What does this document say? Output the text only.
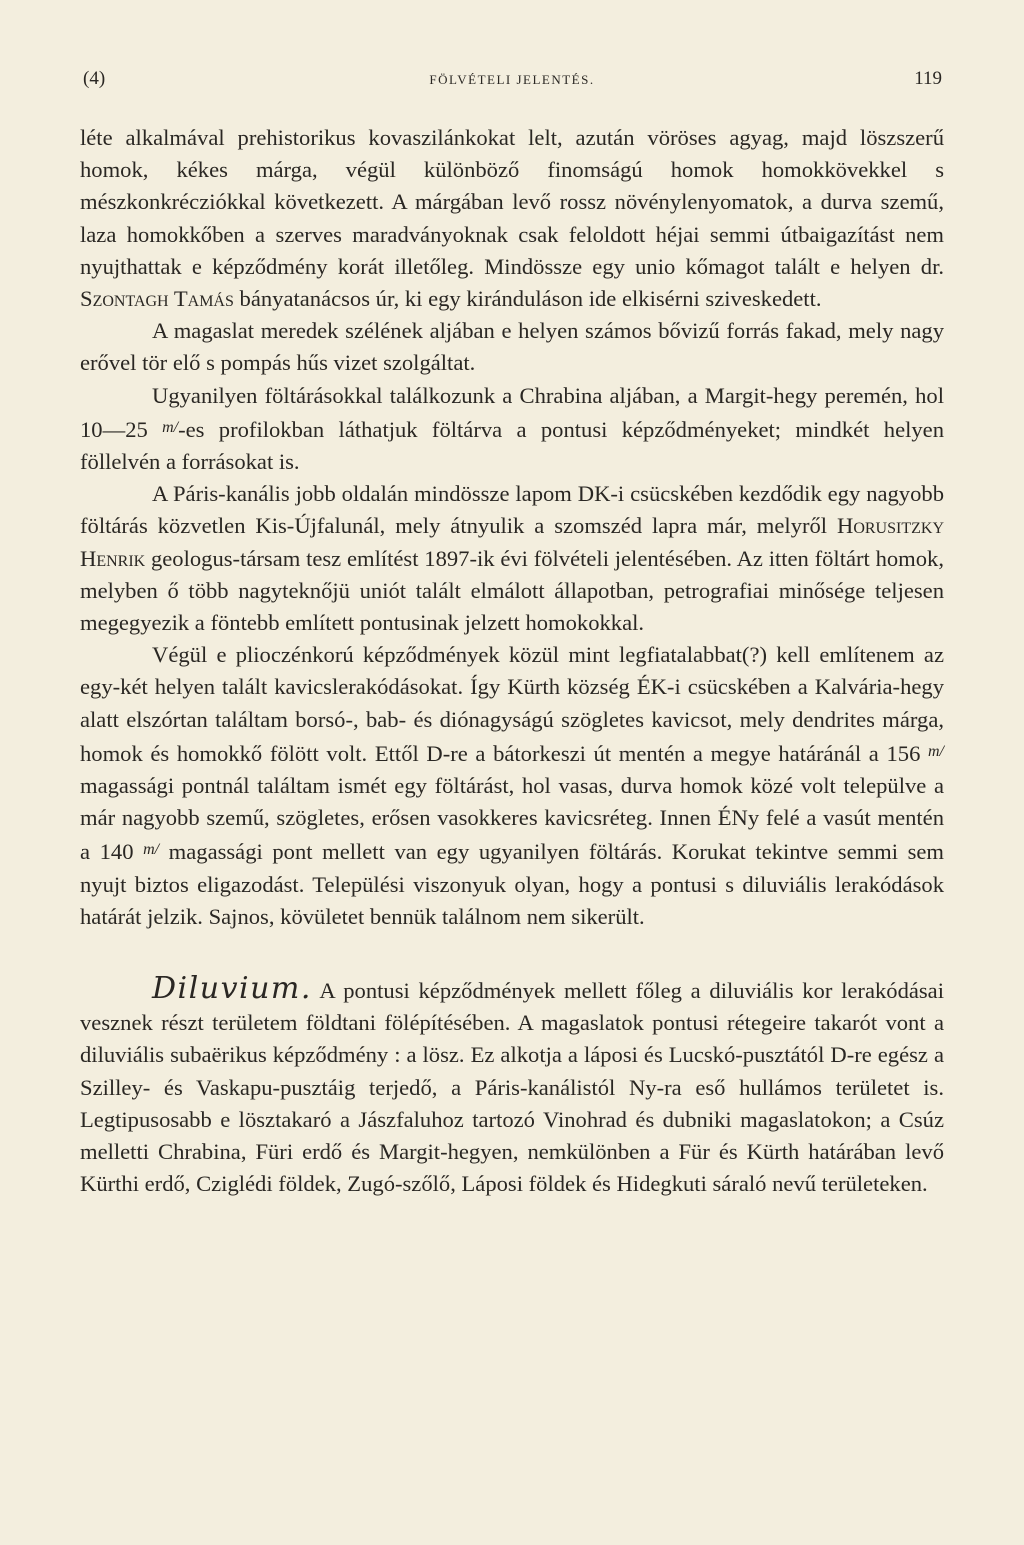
(4)	FÖLVÉTELI JELENTÉS.	119

léte alkalmával prehistorikus kovaszilánkokat lelt, azután vöröses agyag, majd löszszerű homok, kékes márga, végül különböző finomságú homok homokkövekkel s mészkonkrécziókkal következett. A márgában levő rossz növénylenyomatok, a durva szemű, laza homokkőben a szerves maradványoknak csak feloldott héjai semmi útbaigazítást nem nyujthattak e képződmény korát illetőleg. Mindössze egy unio kőmagot talált e helyen dr. Szontagh Tamás bányatanácsos úr, ki egy kiránduláson ide elkisérni sziveskedett.

A magaslat meredek szélének aljában e helyen számos bővizű forrás fakad, mely nagy erővel tör elő s pompás hűs vizet szolgáltat.

Ugyanilyen föltárásokkal találkozunk a Chrabina aljában, a Margit-hegy peremén, hol 10—25 $^{m/}$-es profilokban láthatjuk föltárva a pontusi képződményeket; mindkét helyen föllelvén a forrásokat is.

A Páris-kanális jobb oldalán mindössze lapom DK-i csücskében kezdődik egy nagyobb föltárás közvetlen Kis-Újfalunál, mely átnyulik a szomszéd lapra már, melyről Horusitzky Henrik geologus-társam tesz említést 1897-ik évi fölvételi jelentésében. Az itten föltárt homok, melyben ő több nagyteknőjü uniót talált elmálott állapotban, petrografiai minősége teljesen megegyezik a föntebb említett pontusinak jelzett homokokkal.

Végül e plioczénkorú képződmények közül mint legfiatalabbat(?) kell említenem az egy-két helyen talált kavicslerakódásokat. Így Kürth község ÉK-i csücskében a Kalvária-hegy alatt elszórtan találtam borsó-, bab- és diónagyságú szögletes kavicsot, mely dendrites márga, homok és homokkő fölött volt. Ettől D-re a bátorkeszi út mentén a megye határánál a 156 $^{m/}$ magassági pontnál találtam ismét egy föltárást, hol vasas, durva homok közé volt települve a már nagyobb szemű, szögletes, erősen vasokkeres kavicsréteg. Innen ÉNy felé a vasút mentén a 140 $^{m/}$ magassági pont mellett van egy ugyanilyen föltárás. Korukat tekintve semmi sem nyujt biztos eligazodást. Települési viszonyuk olyan, hogy a pontusi s diluviális lerakódások határát jelzik. Sajnos, kövületet bennük találnom nem sikerült.

Diluvium. A pontusi képződmények mellett főleg a diluviális kor lerakódásai vesznek részt területem földtani fölépítésében. A magaslatok pontusi rétegeire takarót vont a diluviális subaërikus képződmény : a lösz. Ez alkotja a láposi és Lucskó-pusztától D-re egész a Szilley- és Vaskapu-pusztáig terjedő, a Páris-kanálistól Ny-ra eső hullámos területet is. Legtipusosabb e lösztakaró a Jászfaluhoz tartozó Vinohrad és dubniki magaslatokon; a Csúz melletti Chrabina, Füri erdő és Margit-hegyen, nemkülönben a Für és Kürth határában levő Kürthi erdő, Cziglédi földek, Zugó-szőlő, Láposi földek és Hidegkuti sáraló nevű területeken.
